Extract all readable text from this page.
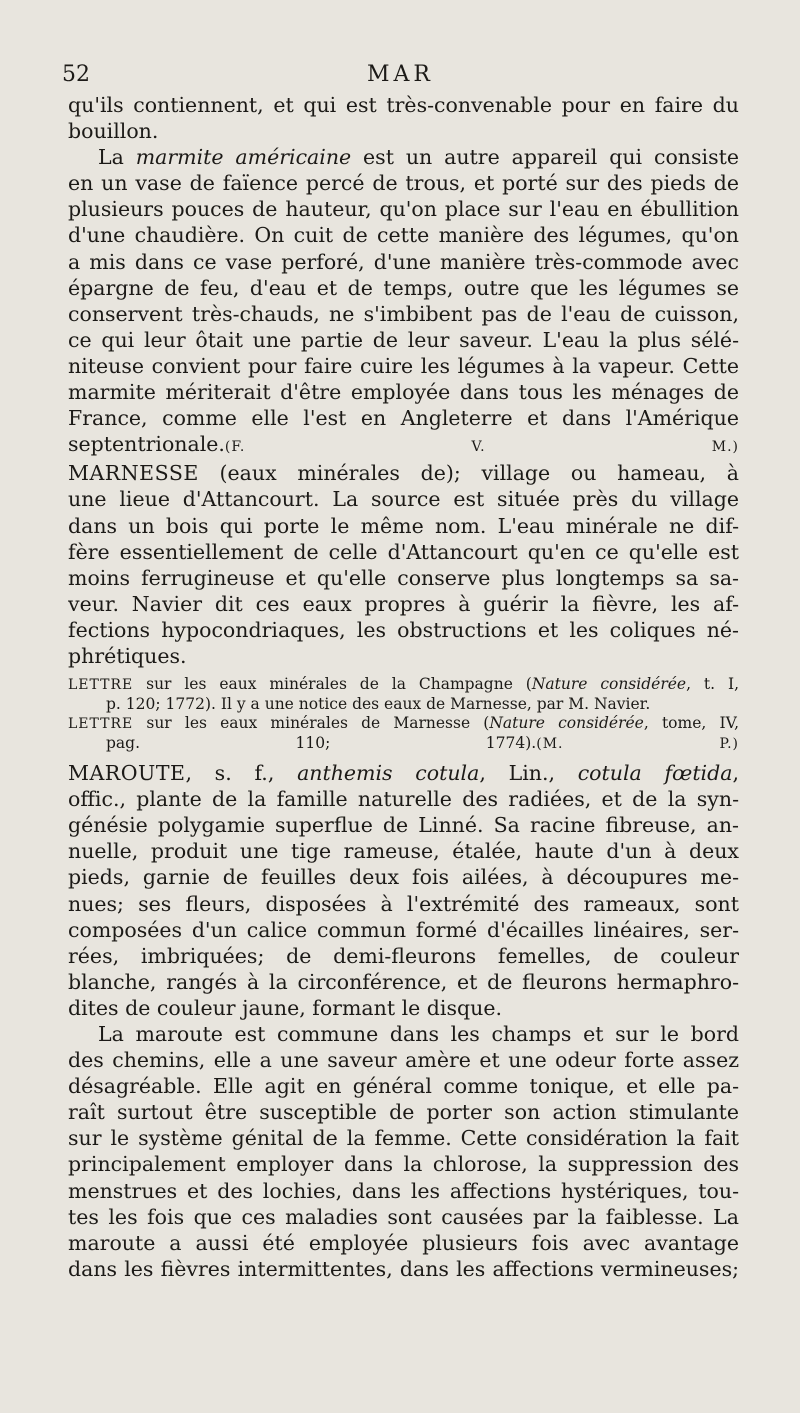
52	MAR
qu'ils contiennent, et qui est très-convenable pour en faire du
bouillon.
La marmite américaine est un autre appareil qui consiste
en un vase de faïence percé de trous, et porté sur des pieds de
plusieurs pouces de hauteur, qu'on place sur l'eau en ébullition
d'une chaudière. On cuit de cette manière des légumes, qu'on
a mis dans ce vase perforé, d'une manière très-commode avec
épargne de feu, d'eau et de temps, outre que les légumes se
conservent très-chauds, ne s'imbibent pas de l'eau de cuisson,
ce qui leur ôtait une partie de leur saveur. L'eau la plus sélé-
niteuse convient pour faire cuire les légumes à la vapeur. Cette
marmite mériterait d'être employée dans tous les ménages de
France, comme elle l'est en Angleterre et dans l'Amérique
septentrionale.(F. V. M.)
MARNESSE (eaux minérales de); village ou hameau, à
une lieue d'Attancourt. La source est située près du village
dans un bois qui porte le même nom. L'eau minérale ne dif-
fère essentiellement de celle d'Attancourt qu'en ce qu'elle est
moins ferrugineuse et qu'elle conserve plus longtemps sa sa-
veur. Navier dit ces eaux propres à guérir la fièvre, les af-
fections hypocondriaques, les obstructions et les coliques né-
phrétiques.
LETTRE sur les eaux minérales de la Champagne (Nature considérée, t. I,
p. 120; 1772). Il y a une notice des eaux de Marnesse, par M. Navier.
LETTRE sur les eaux minérales de Marnesse (Nature considérée, tome, IV,
pag. 110; 1774).(M. P.)
MAROUTE, s. f., anthemis cotula, Lin., cotula fœtida,
offic., plante de la famille naturelle des radiées, et de la syn-
génésie polygamie superflue de Linné. Sa racine fibreuse, an-
nuelle, produit une tige rameuse, étalée, haute d'un à deux
pieds, garnie de feuilles deux fois ailées, à découpures me-
nues; ses fleurs, disposées à l'extrémité des rameaux, sont
composées d'un calice commun formé d'écailles linéaires, ser-
rées, imbriquées; de demi-fleurons femelles, de couleur
blanche, rangés à la circonférence, et de fleurons hermaphro-
dites de couleur jaune, formant le disque.
La maroute est commune dans les champs et sur le bord
des chemins, elle a une saveur amère et une odeur forte assez
désagréable. Elle agit en général comme tonique, et elle pa-
raît surtout être susceptible de porter son action stimulante
sur le système génital de la femme. Cette considération la fait
principalement employer dans la chlorose, la suppression des
menstrues et des lochies, dans les affections hystériques, tou-
tes les fois que ces maladies sont causées par la faiblesse. La
maroute a aussi été employée plusieurs fois avec avantage
dans les fièvres intermittentes, dans les affections vermineuses;
